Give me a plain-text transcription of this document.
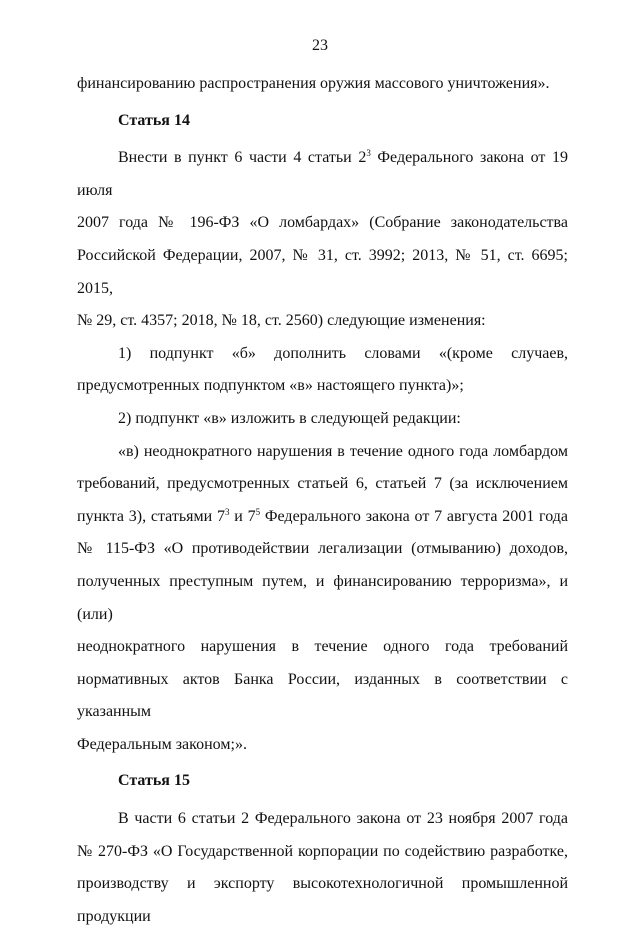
23

финансированию распространения оружия массового уничтожения».

Статья 14

Внести в пункт 6 части 4 статьи $2^3$ Федерального закона от 19 июля

2007 года № 196-ФЗ «О ломбардах» (Собрание законодательства

Российской Федерации, 2007, № 31, ст. 3992; 2013, № 51, ст. 6695; 2015,

№ 29, ст. 4357; 2018, № 18, ст. 2560) следующие изменения:

1) подпункт «б» дополнить словами «(кроме случаев,

предусмотренных подпунктом «в» настоящего пункта)»;

2) подпункт «в» изложить в следующей редакции:

«в) неоднократного нарушения в течение одного года ломбардом

требований, предусмотренных статьей 6, статьей 7 (за исключением

пункта 3), статьями $7^3$ и $7^5$ Федерального закона от 7 августа 2001 года

№ 115-ФЗ «О противодействии легализации (отмыванию) доходов,

полученных преступным путем, и финансированию терроризма», и (или)

неоднократного нарушения в течение одного года требований

нормативных актов Банка России, изданных в соответствии с указанным

Федеральным законом;».

Статья 15

В части 6 статьи 2 Федерального закона от 23 ноября 2007 года

№ 270-ФЗ «О Государственной корпорации по содействию разработке,

производству и экспорту высокотехнологичной промышленной продукции
